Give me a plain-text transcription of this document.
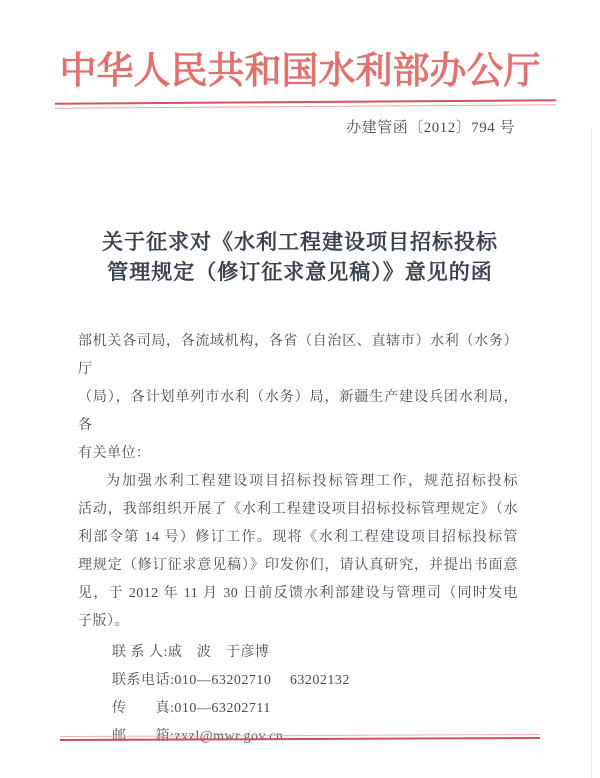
中华人民共和国水利部办公厅
办建管函〔2012〕794 号
关于征求对《水利工程建设项目招标投标
管理规定（修订征求意见稿）》意见的函
部机关各司局，各流域机构，各省（自治区、直辖市）水利（水务）厅
（局），各计划单列市水利（水务）局，新疆生产建设兵团水利局，各
有关单位：
为加强水利工程建设项目招标投标管理工作，规范招标投标
活动，我部组织开展了《水利工程建设项目招标投标管理规定》（水
利部令第 14 号）修订工作。现将《水利工程建设项目招标投标管
理规定（修订征求意见稿）》印发你们，请认真研究，并提出书面意
见，于 2012 年 11 月 30 日前反馈水利部建设与管理司（同时发电
子版）。
联 系 人:戚　波　于彦博
联系电话:010—63202710　 63202132
传　　真:010—63202711
邮　　箱:zxzl@mwr.gov.cn
